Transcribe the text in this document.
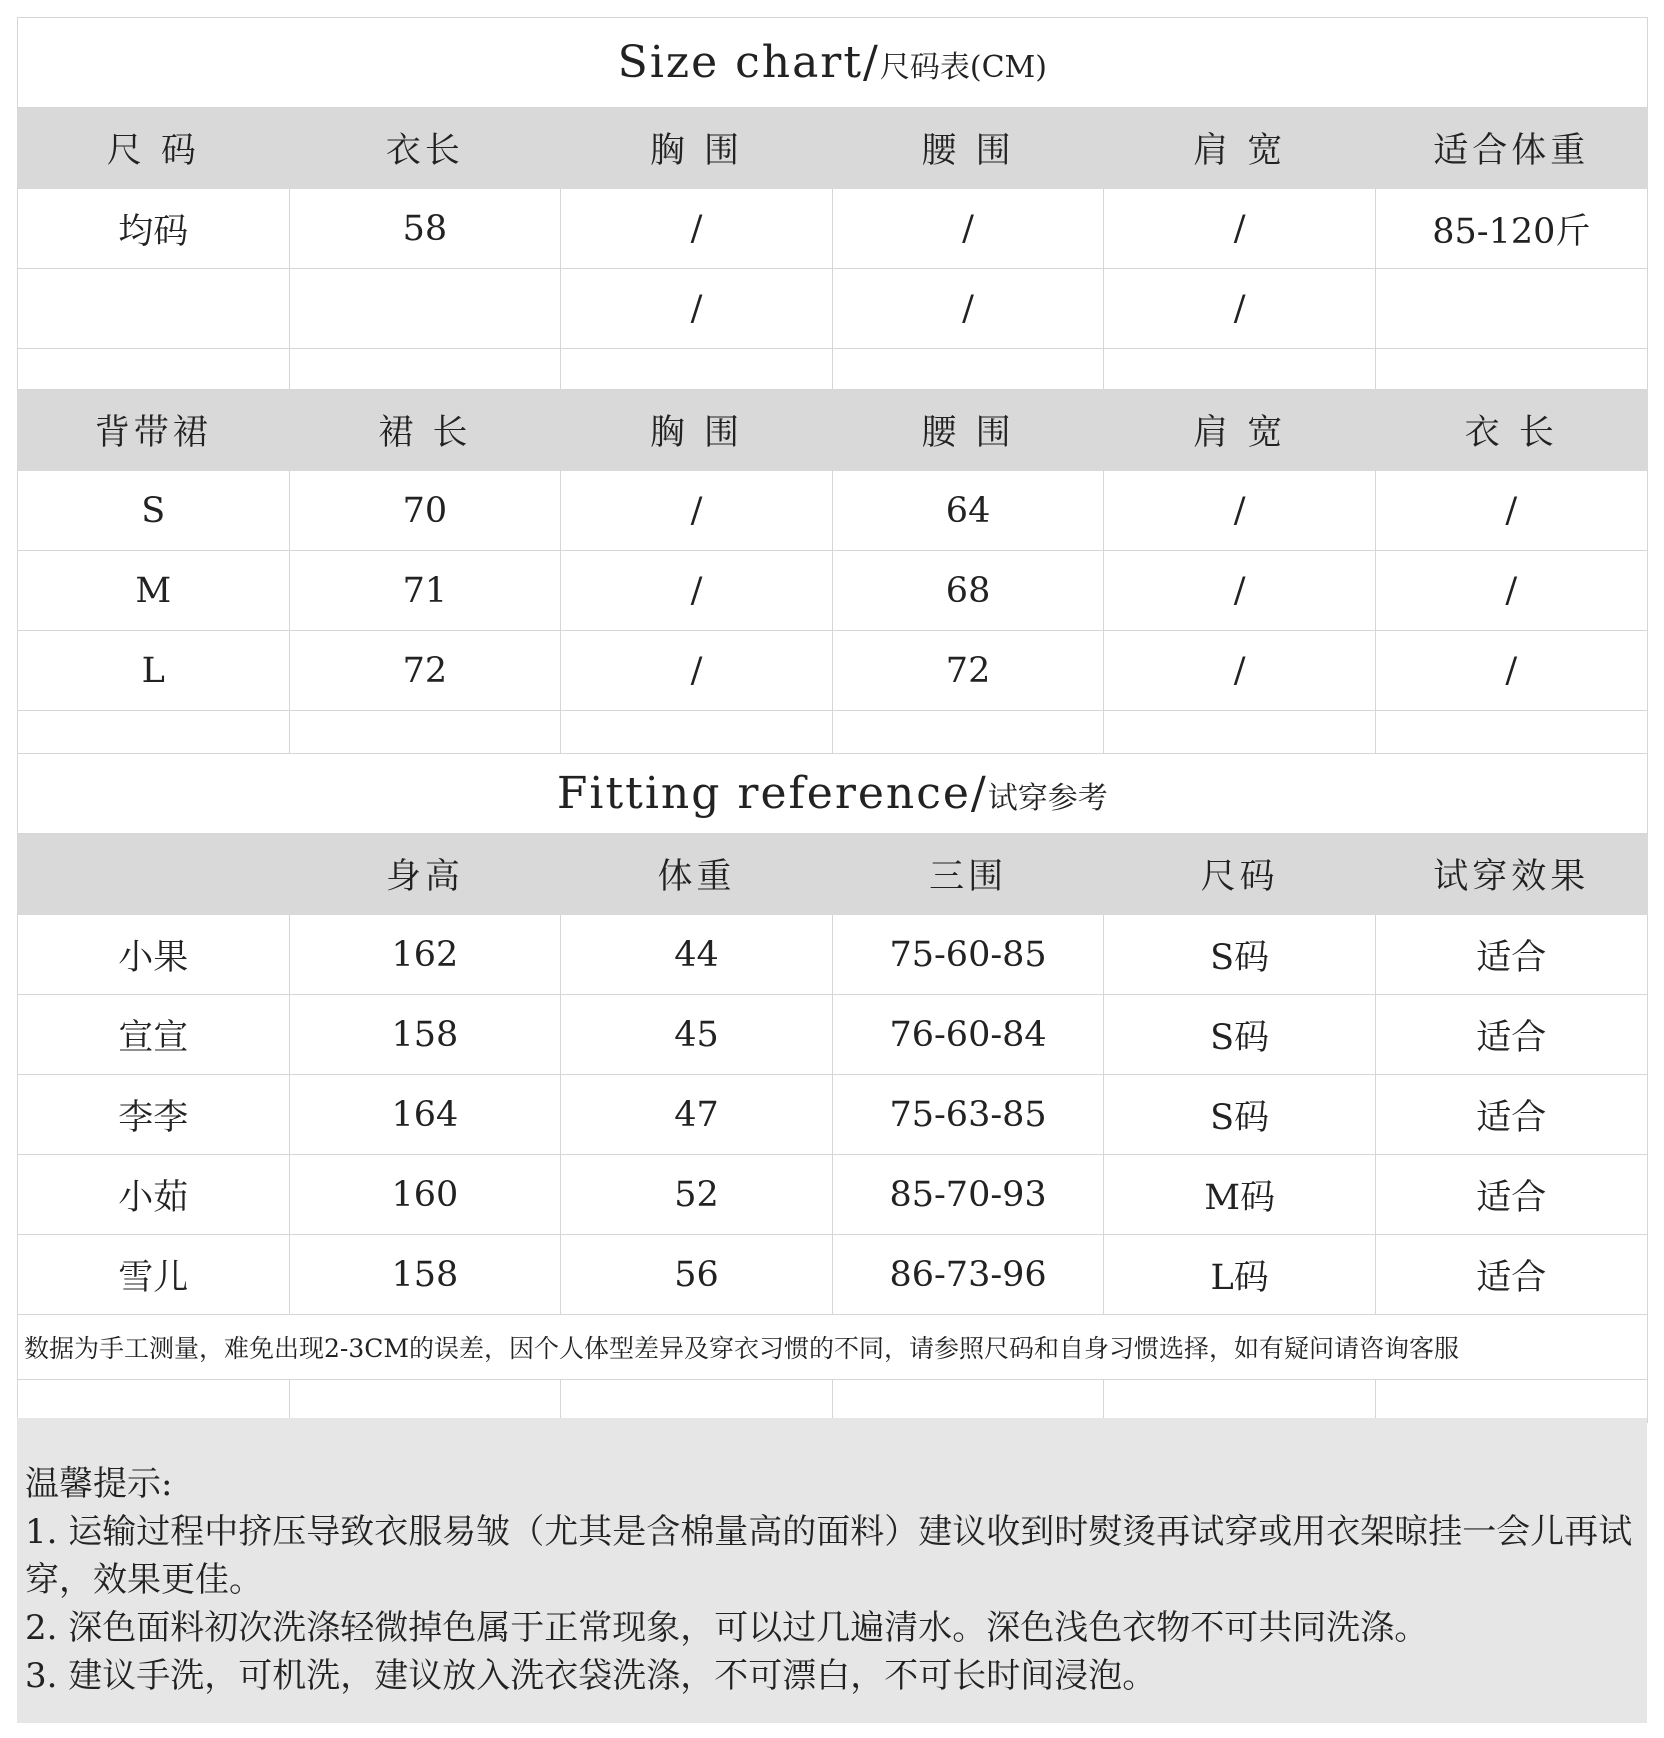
Size chart/尺码表(CM)					
尺 码	衣长	胸 围	腰 围	肩 宽	适合体重
均码	58	/	/	/	85-120斤
		/	/	/	

背带裙	裙 长	胸 围	腰 围	肩 宽	衣 长
S	70	/	64	/	/
M	71	/	68	/	/
L	72	/	72	/	/

Fitting reference/试穿参考					
	身高	体重	三围	尺码	试穿效果
小果	162	44	75-60-85	S码	适合
宣宣	158	45	76-60-84	S码	适合
李李	164	47	75-63-85	S码	适合
小茹	160	52	85-70-93	M码	适合
雪儿	158	56	86-73-96	L码	适合
数据为手工测量，难免出现2-3CM的误差，因个人体型差异及穿衣习惯的不同，请参照尺码和自身习惯选择，如有疑问请咨询客服					

温馨提示:
1. 运输过程中挤压导致衣服易皱（尤其是含棉量高的面料）建议收到时熨烫再试穿或用衣架晾挂一会儿再试穿，效果更佳。
2. 深色面料初次洗涤轻微掉色属于正常现象，可以过几遍清水。深色浅色衣物不可共同洗涤。
3. 建议手洗，可机洗，建议放入洗衣袋洗涤，不可漂白，不可长时间浸泡。
